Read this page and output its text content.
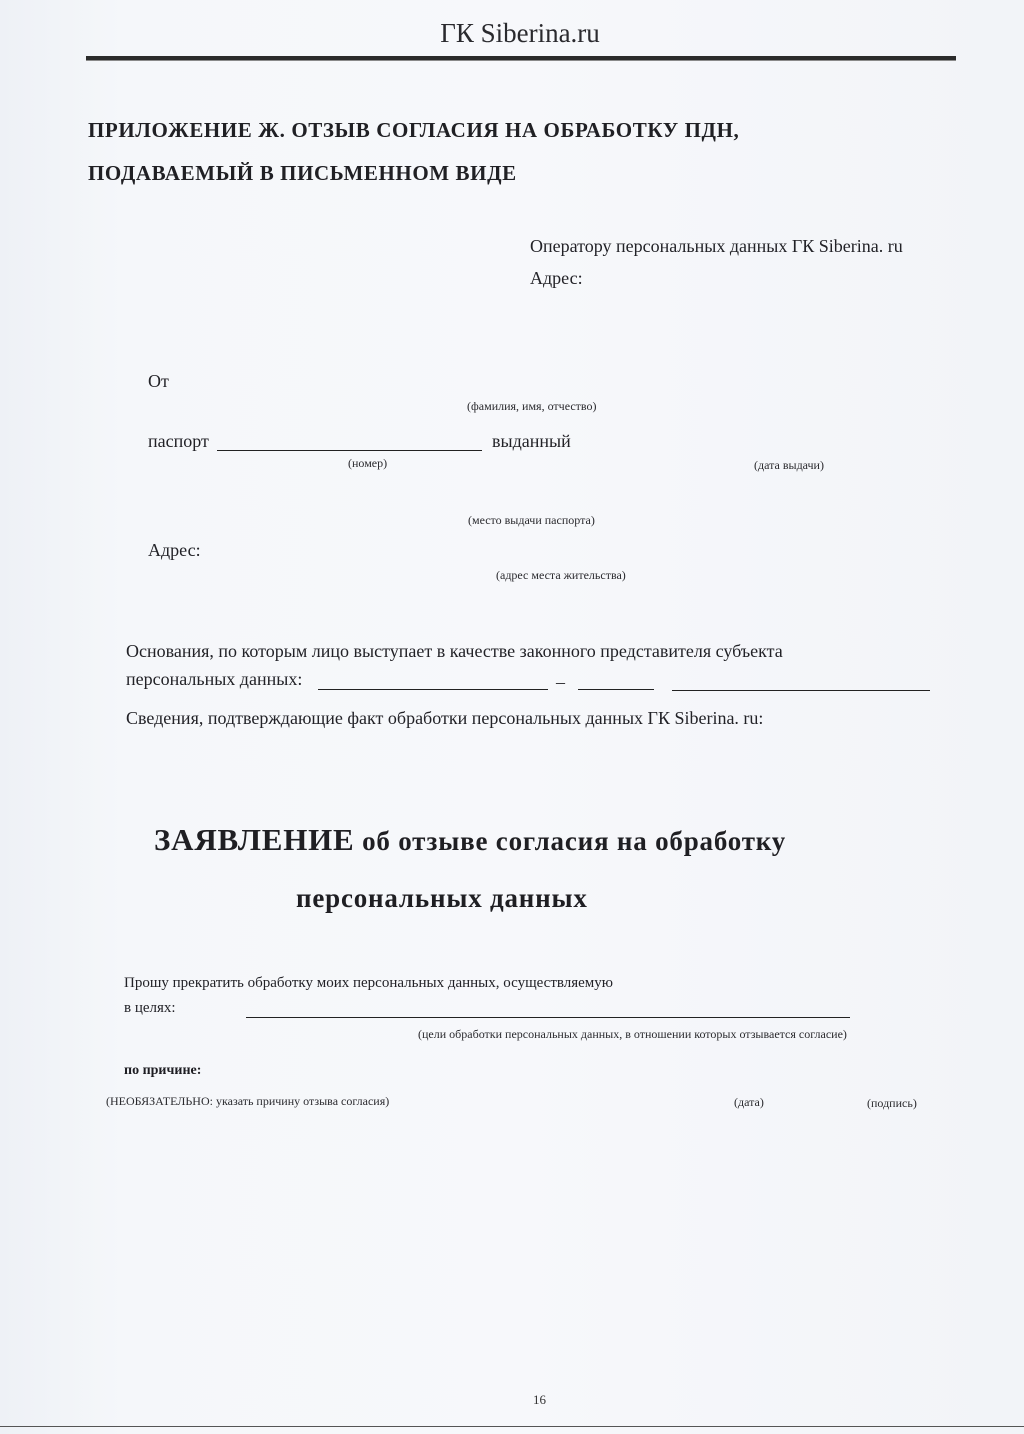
ГК Siberina.ru
ПРИЛОЖЕНИЕ Ж. ОТЗЫВ СОГЛАСИЯ НА ОБРАБОТКУ ПДН,
ПОДАВАЕМЫЙ В ПИСЬМЕННОМ ВИДЕ
Оператору персональных данных ГК Siberina. ru
Адрес:
От
(фамилия, имя, отчество)
паспорт	выданный
(номер)	(дата выдачи)
(место выдачи паспорта)
Адрес:
(адрес места жительства)
Основания, по которым лицо выступает в качестве законного представителя субъекта
персональных данных:	–
Сведения, подтверждающие факт обработки персональных данных ГК Siberina. ru:
ЗАЯВЛЕНИЕ об отзыве согласия на обработку
персональных данных
Прошу прекратить обработку моих персональных данных, осуществляемую
в целях:
(цели обработки персональных данных, в отношении которых отзывается согласие)
по причине:
(НЕОБЯЗАТЕЛЬНО: указать причину отзыва согласия)	(дата)	(подпись)
16
